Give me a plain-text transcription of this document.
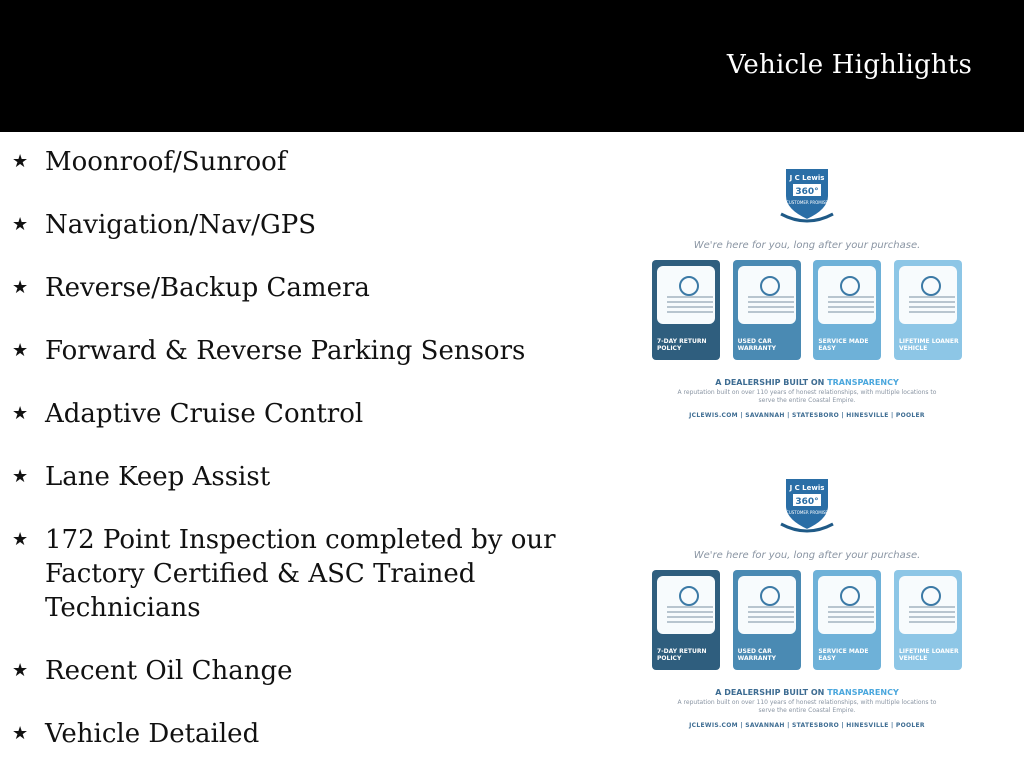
Vehicle Highlights
★ Moonroof/Sunroof
★ Navigation/Nav/GPS
★ Reverse/Backup Camera
★ Forward & Reverse Parking Sensors
★ Adaptive Cruise Control
★ Lane Keep Assist
★ 172 Point Inspection completed by our Factory Certified & ASC Trained Technicians
★ Recent Oil Change
★ Vehicle Detailed
J C Lewis
360°
CUSTOMER PROMISE
We're here for you, long after your purchase.
7-DAY RETURN POLICY
USED CAR WARRANTY
SERVICE MADE EASY
LIFETIME LOANER VEHICLE
A DEALERSHIP BUILT ON TRANSPARENCY
A reputation built on over 110 years of honest relationships, with multiple locations to serve the entire Coastal Empire.
JCLEWIS.COM | SAVANNAH | STATESBORO | HINESVILLE | POOLER
J C Lewis
360°
CUSTOMER PROMISE
We're here for you, long after your purchase.
7-DAY RETURN POLICY
USED CAR WARRANTY
SERVICE MADE EASY
LIFETIME LOANER VEHICLE
A DEALERSHIP BUILT ON TRANSPARENCY
A reputation built on over 110 years of honest relationships, with multiple locations to serve the entire Coastal Empire.
JCLEWIS.COM | SAVANNAH | STATESBORO | HINESVILLE | POOLER
